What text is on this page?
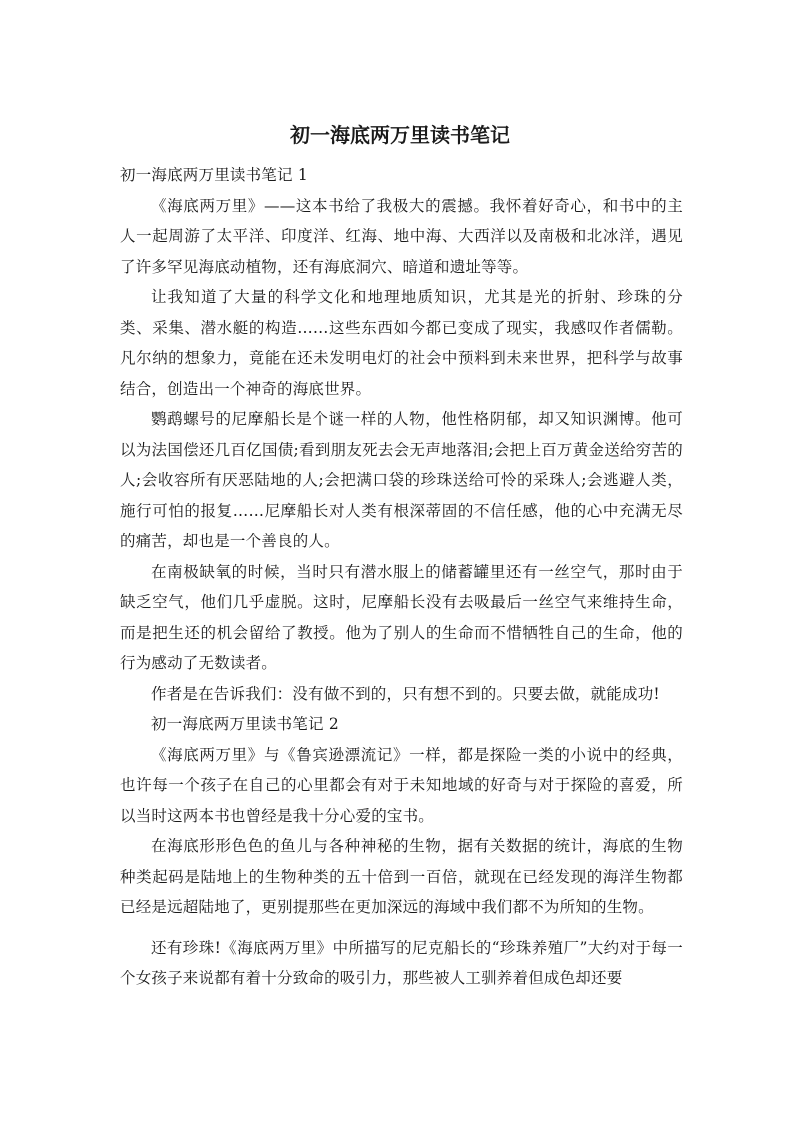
初一海底两万里读书笔记

初一海底两万里读书笔记 1

《海底两万里》——这本书给了我极大的震撼。我怀着好奇心，和书中的主人一起周游了太平洋、印度洋、红海、地中海、大西洋以及南极和北冰洋，遇见了许多罕见海底动植物，还有海底洞穴、暗道和遗址等等。

让我知道了大量的科学文化和地理地质知识，尤其是光的折射、珍珠的分类、采集、潜水艇的构造……这些东西如今都已变成了现实，我感叹作者儒勒。凡尔纳的想象力，竟能在还未发明电灯的社会中预料到未来世界，把科学与故事结合，创造出一个神奇的海底世界。

鹦鹉螺号的尼摩船长是个谜一样的人物，他性格阴郁，却又知识渊博。他可以为法国偿还几百亿国债;看到朋友死去会无声地落泪;会把上百万黄金送给穷苦的人;会收容所有厌恶陆地的人;会把满口袋的珍珠送给可怜的采珠人;会逃避人类，施行可怕的报复……尼摩船长对人类有根深蒂固的不信任感，他的心中充满无尽的痛苦，却也是一个善良的人。

在南极缺氧的时候，当时只有潜水服上的储蓄罐里还有一丝空气，那时由于缺乏空气，他们几乎虚脱。这时，尼摩船长没有去吸最后一丝空气来维持生命，而是把生还的机会留给了教授。他为了别人的生命而不惜牺牲自己的生命，他的行为感动了无数读者。

作者是在告诉我们：没有做不到的，只有想不到的。只要去做，就能成功!

初一海底两万里读书笔记 2

《海底两万里》与《鲁宾逊漂流记》一样，都是探险一类的小说中的经典，也许每一个孩子在自己的心里都会有对于未知地域的好奇与对于探险的喜爱，所以当时这两本书也曾经是我十分心爱的宝书。

在海底形形色色的鱼儿与各种神秘的生物，据有关数据的统计，海底的生物种类起码是陆地上的生物种类的五十倍到一百倍，就现在已经发现的海洋生物都已经是远超陆地了，更别提那些在更加深远的海域中我们都不为所知的生物。

还有珍珠!《海底两万里》中所描写的尼克船长的“珍珠养殖厂”大约对于每一个女孩子来说都有着十分致命的吸引力，那些被人工驯养着但成色却还要
